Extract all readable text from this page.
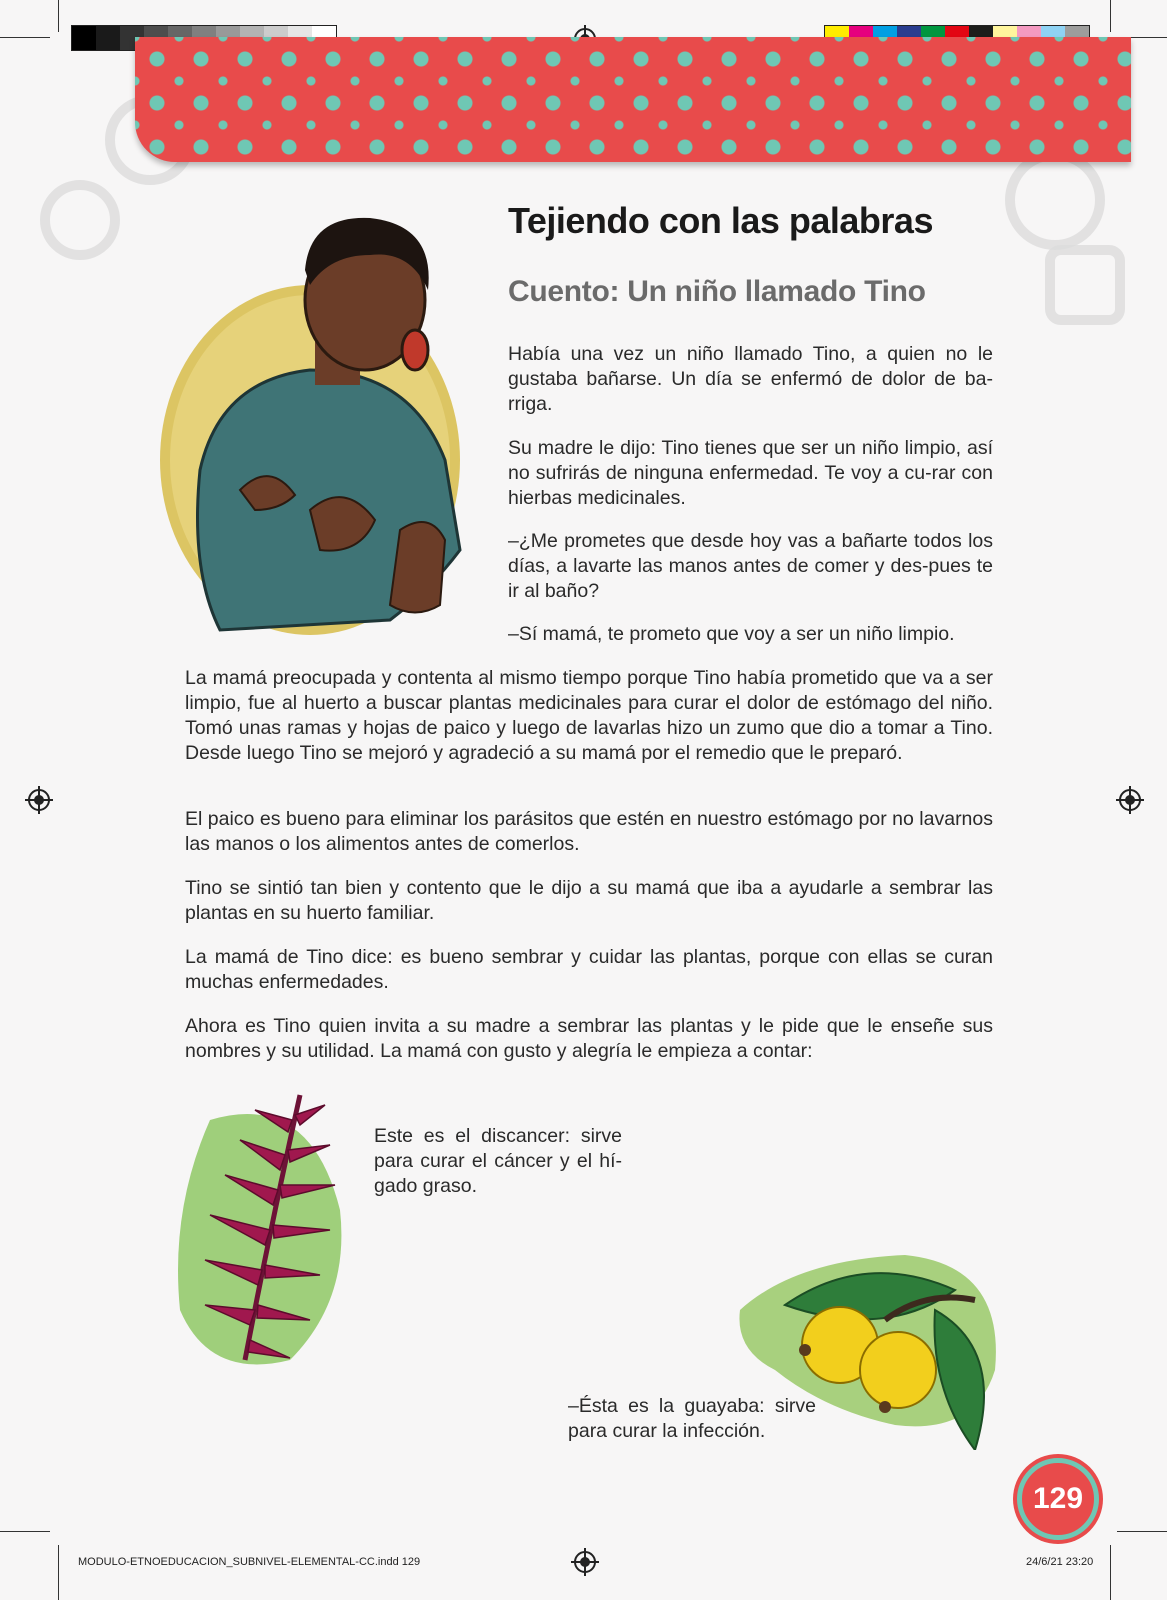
Tejiendo con las palabras
Cuento: Un niño llamado Tino

Había una vez un niño llamado Tino, a quien no le gustaba bañarse. Un día se enfermó de dolor de ba-rriga.

Su madre le dijo: Tino tienes que ser un niño limpio, así no sufrirás de ninguna enfermedad. Te voy a cu-rar con hierbas medicinales.

–¿Me prometes que desde hoy vas a bañarte todos los días, a lavarte las manos antes de comer y des-pues te ir al baño?

–Sí mamá, te prometo que voy a ser un niño limpio.

La mamá preocupada y contenta al mismo tiempo porque Tino había prometido que va a ser limpio, fue al huerto a buscar plantas medicinales para curar el dolor de estómago del niño. Tomó unas ramas y hojas de paico y luego de lavarlas hizo un zumo que dio a tomar a Tino. Desde luego Tino se mejoró y agradeció a su mamá por el remedio que le preparó.

El paico es bueno para eliminar los parásitos que estén en nuestro estómago por no lavarnos las manos o los alimentos antes de comerlos.

Tino se sintió tan bien y contento que le dijo a su mamá que iba a ayudarle a sembrar las plantas en su huerto familiar.

La mamá de Tino dice: es bueno sembrar y cuidar las plantas, porque con ellas se curan muchas enfermedades.

Ahora es Tino quien invita a su madre a sembrar las plantas y le pide que le enseñe sus nombres y su utilidad. La mamá con gusto y alegría le empieza a contar:

Este es el discancer: sirve para curar el cáncer y el hí-gado graso.

–Ésta es la guayaba: sirve para curar la infección.

129
MODULO-ETNOEDUCACION_SUBNIVEL-ELEMENTAL-CC.indd 129	24/6/21 23:20
